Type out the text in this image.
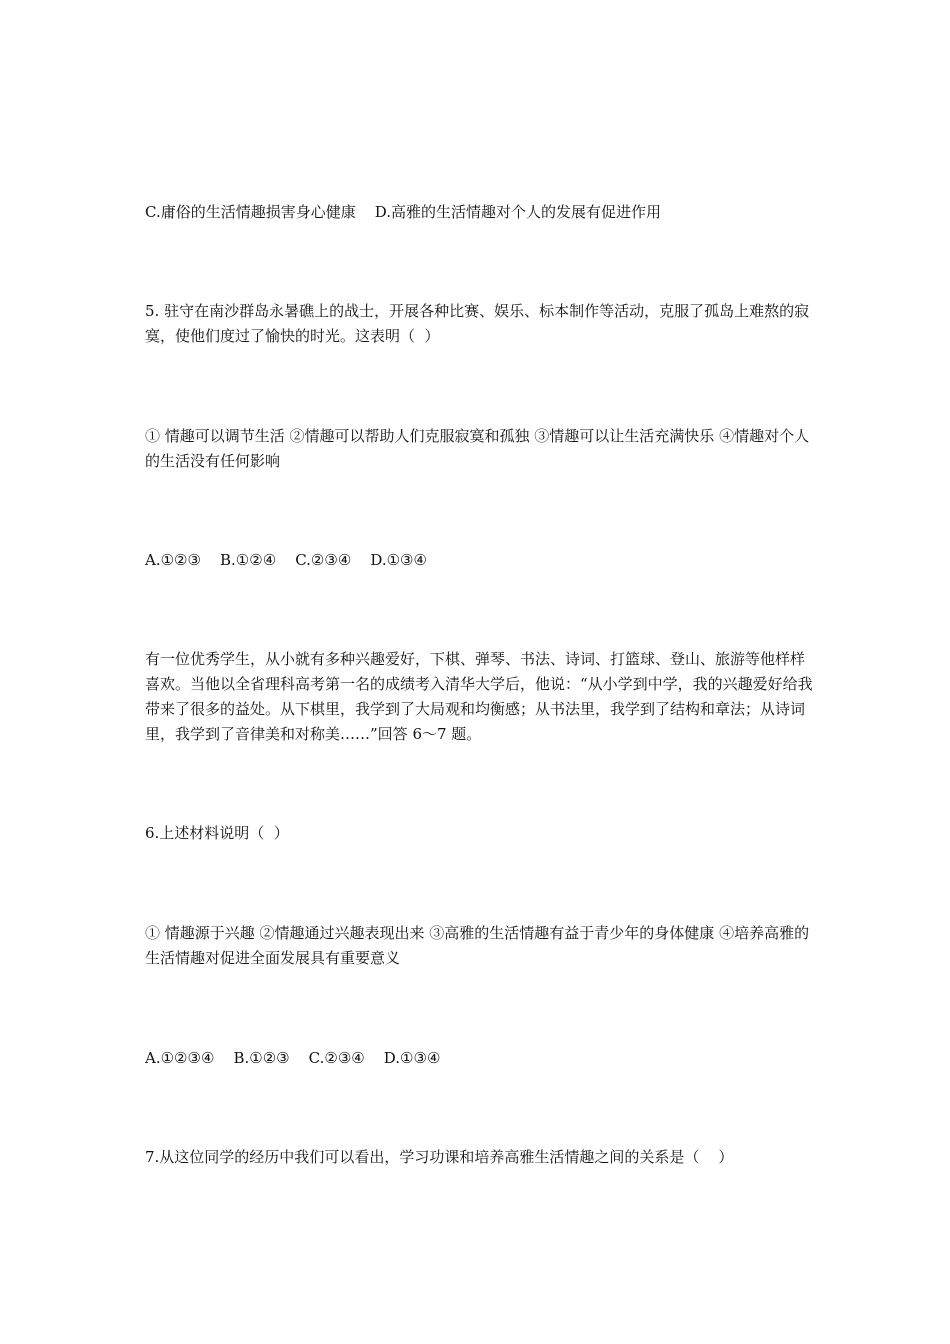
C.庸俗的生活情趣损害身心健康    D.高雅的生活情趣对个人的发展有促进作用

5. 驻守在南沙群岛永暑礁上的战士，开展各种比赛、娱乐、标本制作等活动，克服了孤岛上难熬的寂寞，使他们度过了愉快的时光。这表明（  ）

① 情趣可以调节生活 ②情趣可以帮助人们克服寂寞和孤独 ③情趣可以让生活充满快乐 ④情趣对个人的生活没有任何影响

A.①②③    B.①②④    C.②③④    D.①③④

有一位优秀学生，从小就有多种兴趣爱好，下棋、弹琴、书法、诗词、打篮球、登山、旅游等他样样喜欢。当他以全省理科高考第一名的成绩考入清华大学后，他说：“从小学到中学，我的兴趣爱好给我带来了很多的益处。从下棋里，我学到了大局观和均衡感；从书法里，我学到了结构和章法；从诗词里，我学到了音律美和对称美……”回答 6～7 题。

6.上述材料说明（  ）

① 情趣源于兴趣 ②情趣通过兴趣表现出来 ③高雅的生活情趣有益于青少年的身体健康 ④培养高雅的生活情趣对促进全面发展具有重要意义

A.①②③④    B.①②③    C.②③④    D.①③④

7.从这位同学的经历中我们可以看出，学习功课和培养高雅生活情趣之间的关系是（    ）
